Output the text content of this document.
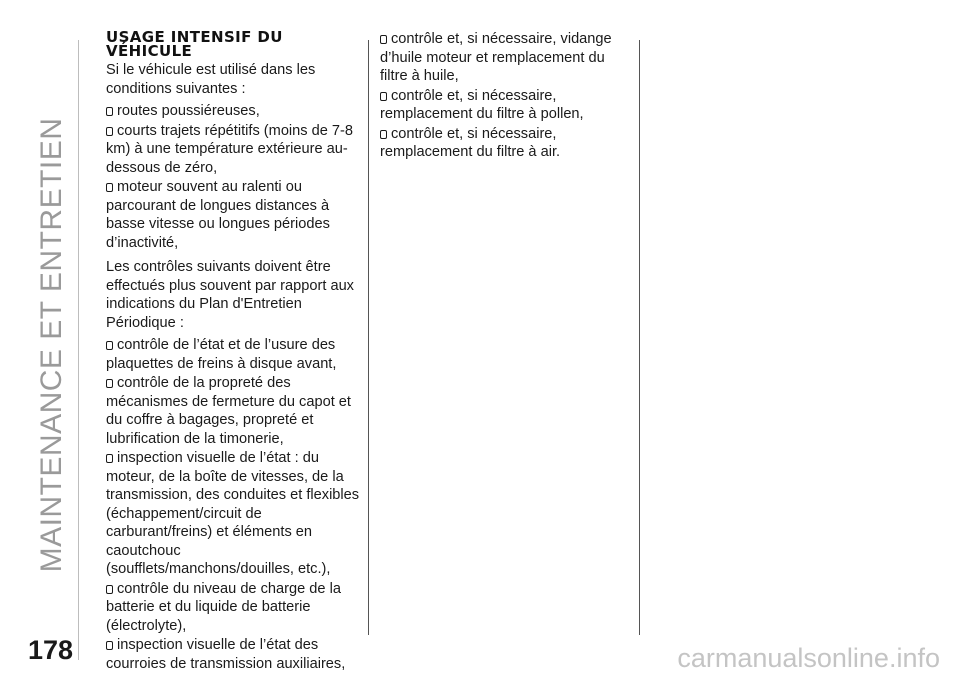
MAINTENANCE ET ENTRETIEN
USAGE INTENSIF DU
VÉHICULE
Si le véhicule est utilisé dans les conditions suivantes :
routes poussiéreuses,
courts trajets répétitifs (moins de 7-8 km) à une température extérieure au-dessous de zéro,
moteur souvent au ralenti ou parcourant de longues distances à basse vitesse ou longues périodes d’inactivité,
Les contrôles suivants doivent être effectués plus souvent par rapport aux indications du Plan d'Entretien Périodique :
contrôle de l’état et de l’usure des plaquettes de freins à disque avant,
contrôle de la propreté des mécanismes de fermeture du capot et du coffre à bagages, propreté et lubrification de la timonerie,
inspection visuelle de l’état : du moteur, de la boîte de vitesses, de la transmission, des conduites et flexibles (échappement/circuit de carburant/freins) et éléments en caoutchouc (soufflets/manchons/douilles, etc.),
contrôle du niveau de charge de la batterie et du liquide de batterie (électrolyte),
inspection visuelle de l’état des courroies de transmission auxiliaires,
contrôle et, si nécessaire, vidange d’huile moteur et remplacement du filtre à huile,
contrôle et, si nécessaire, remplacement du filtre à pollen,
contrôle et, si nécessaire, remplacement du filtre à air.
178	carmanualsonline.info
